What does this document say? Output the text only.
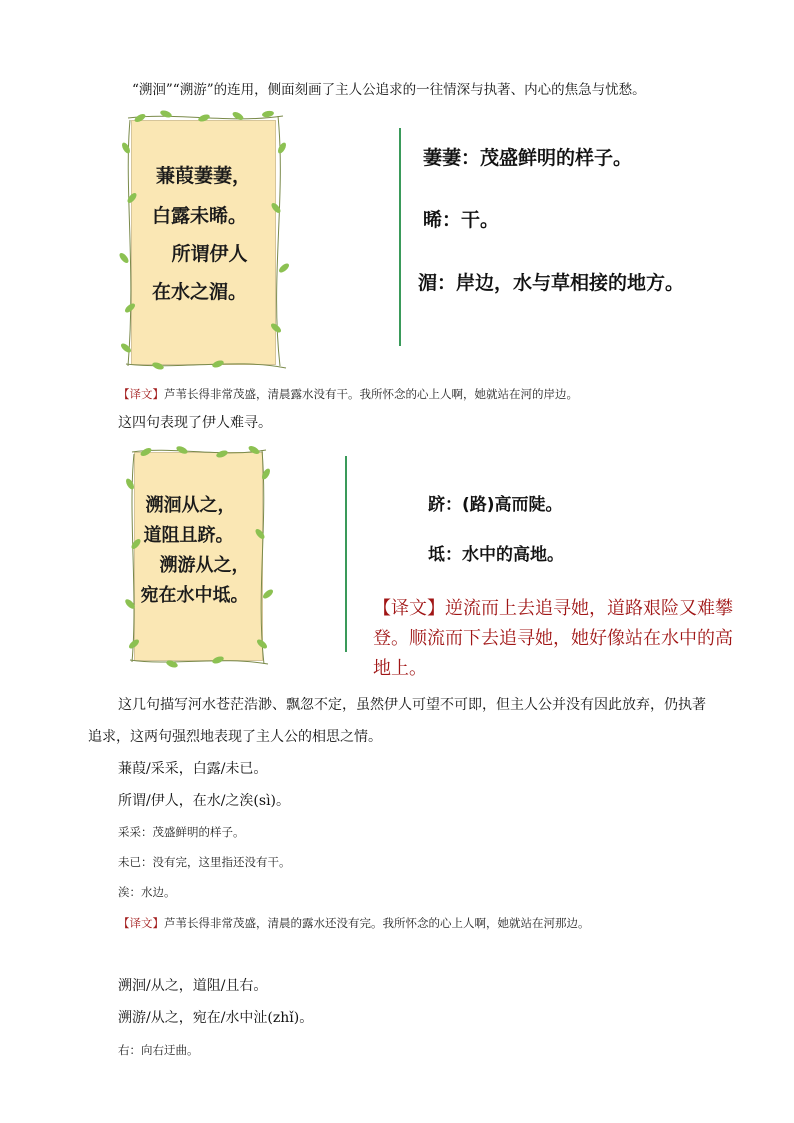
“溯洄”“溯游”的连用，侧面刻画了主人公追求的一往情深与执著、内心的焦急与忧愁。
蒹葭萋萋，
白露未晞。
所谓伊人
在水之湄。
萋萋：茂盛鲜明的样子。
晞：干。
湄：岸边，水与草相接的地方。
【译文】芦苇长得非常茂盛，清晨露水没有干。我所怀念的心上人啊，她就站在河的岸边。
这四句表现了伊人难寻。
溯洄从之，
道阻且跻。
溯游从之，
宛在水中坻。
跻：(路)高而陡。
坻：水中的高地。
【译文】逆流而上去追寻她，道路艰险又难攀登。顺流而下去追寻她，她好像站在水中的高地上。
这几句描写河水苍茫浩渺、飘忽不定，虽然伊人可望不可即，但主人公并没有因此放弃，仍执著
追求，这两句强烈地表现了主人公的相思之情。
蒹葭/采采，白露/未已。
所谓/伊人，在水/之涘(sì)。
采采：茂盛鲜明的样子。
未已：没有完，这里指还没有干。
涘：水边。
【译文】芦苇长得非常茂盛，清晨的露水还没有完。我所怀念的心上人啊，她就站在河那边。
溯洄/从之，道阻/且右。
溯游/从之，宛在/水中沚(zhǐ)。
右：向右迂曲。
